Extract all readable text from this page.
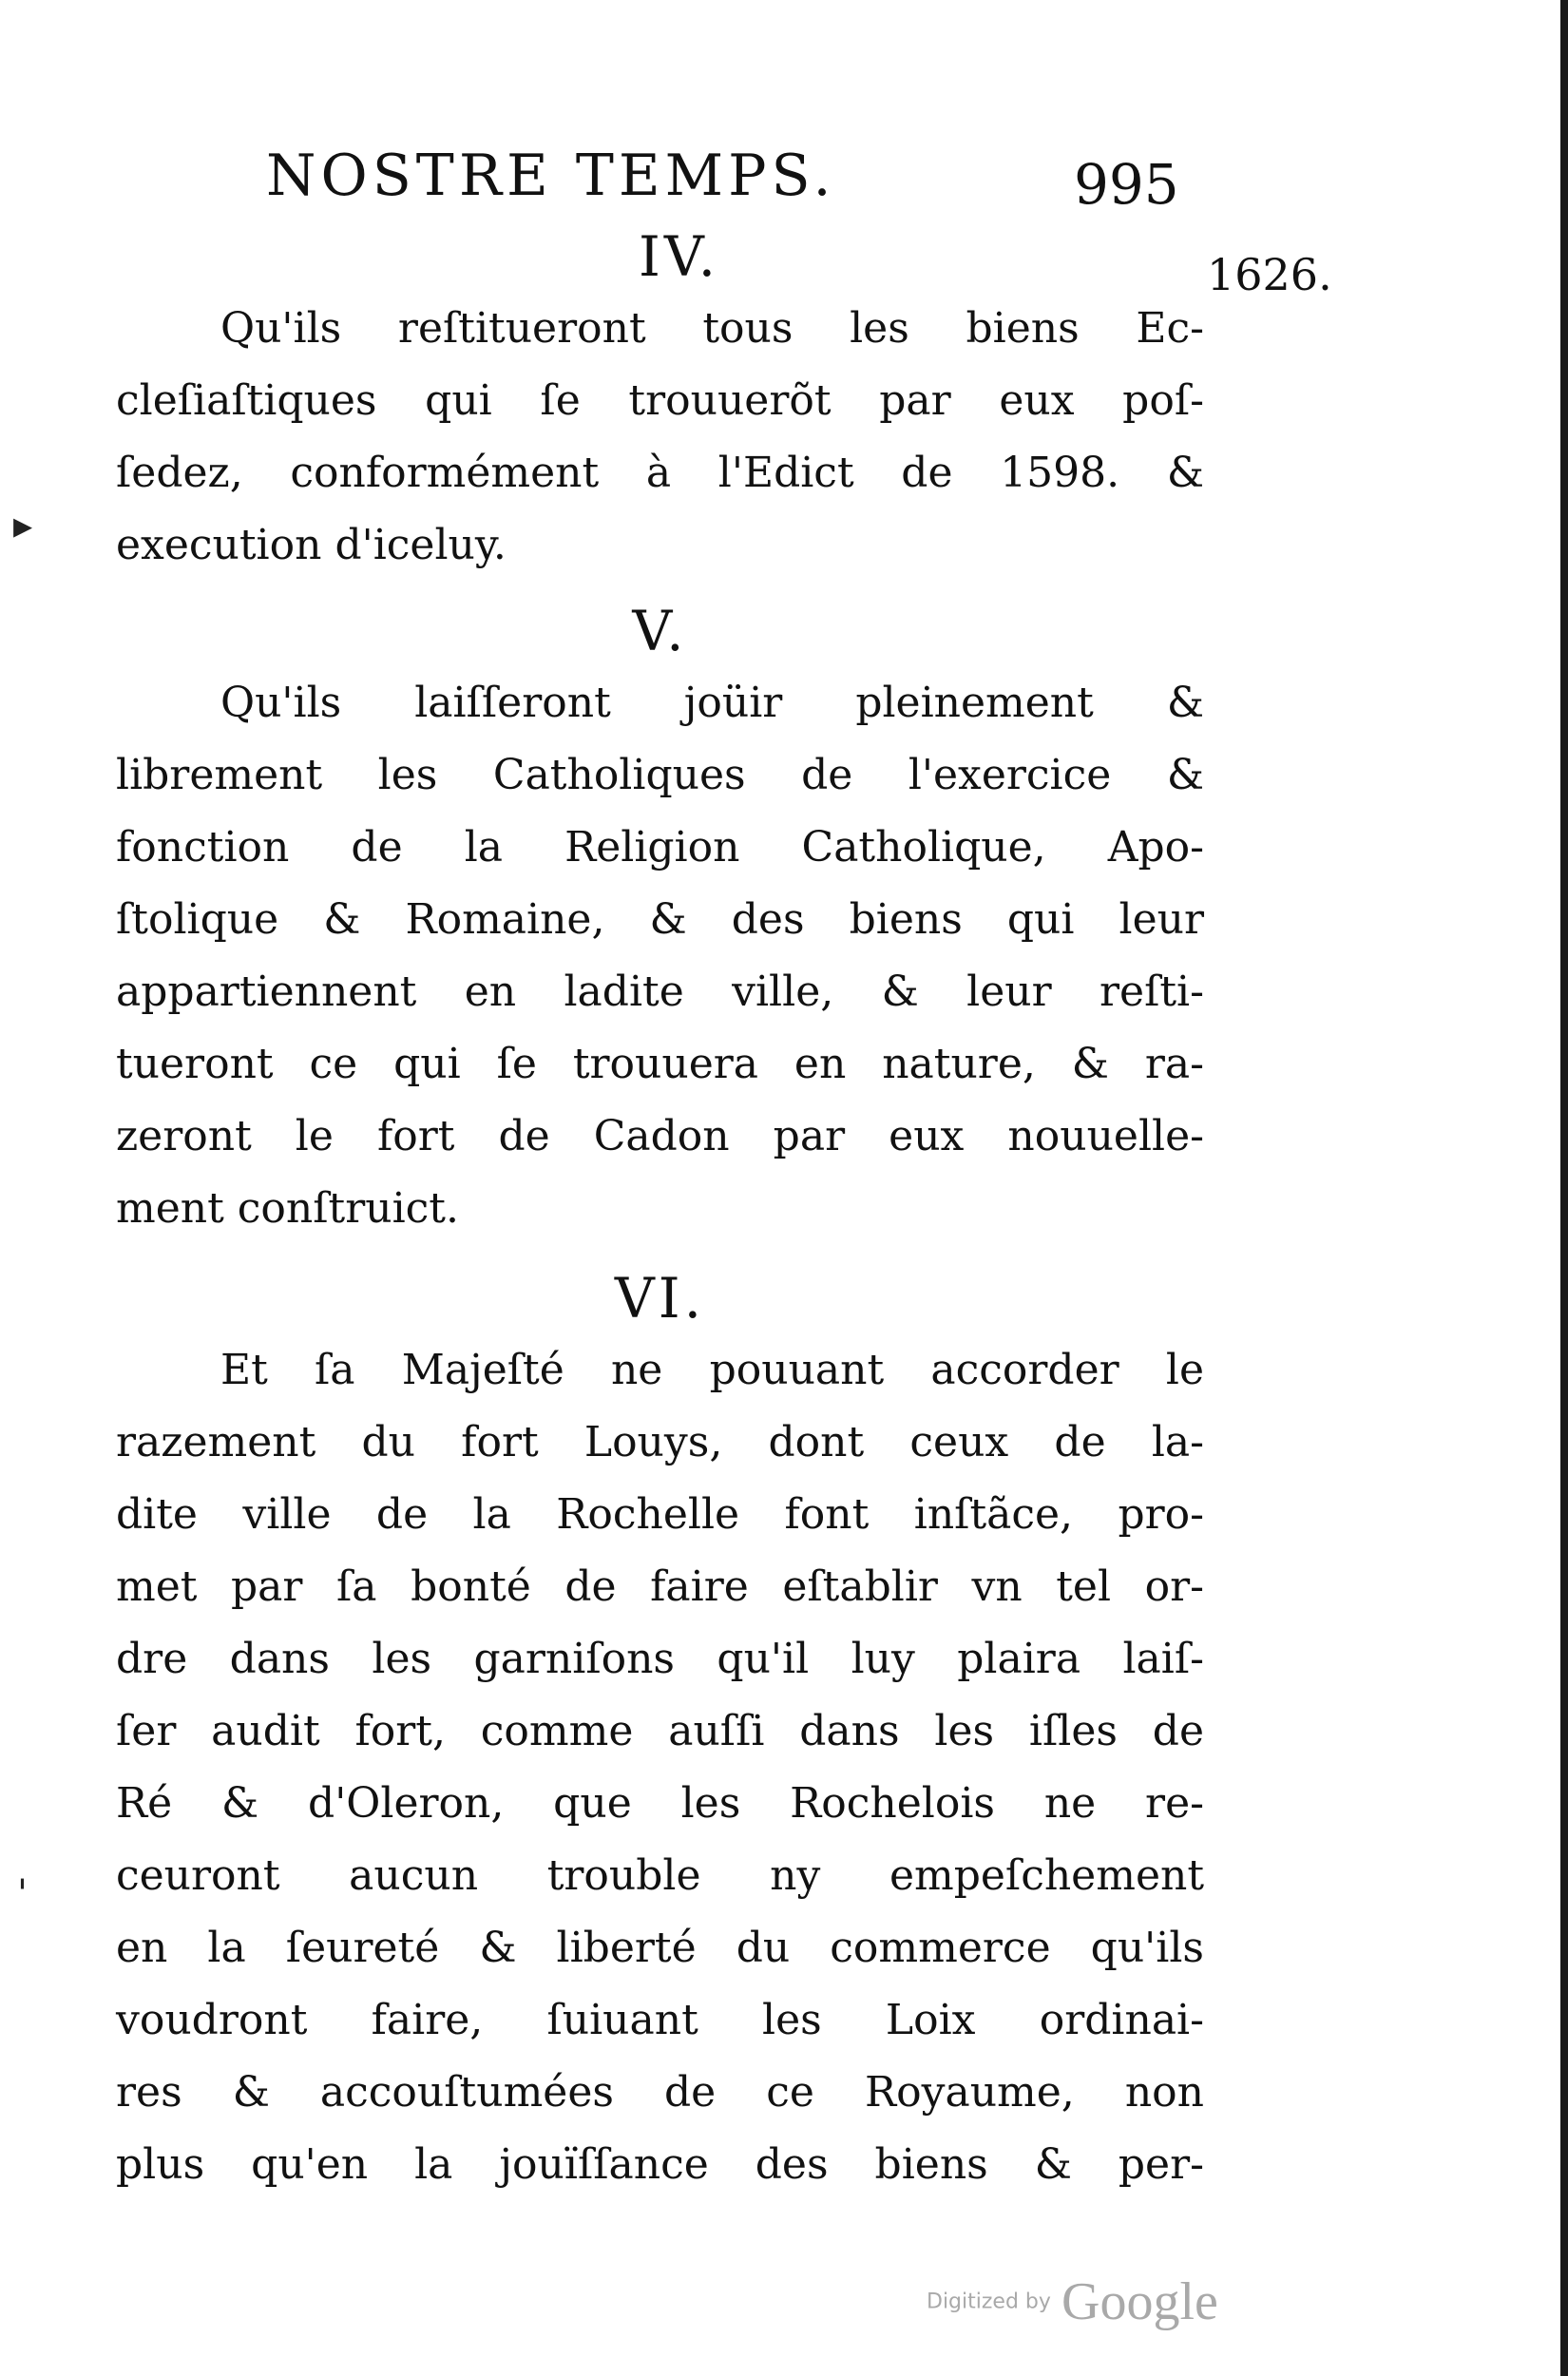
NOSTRE TEMPS.	995
1626.
▸
'
IV.
Qu'ils reſtitueront tous les biens Ec-
cleſiaſtiques qui ſe trouuerõt par eux poſ-
ſedez, conformément à l'Edict de 1598. &
execution d'iceluy.
V.
Qu'ils laiſſeront joüir pleinement &
librement les Catholiques de l'exercice &
fonction de la Religion Catholique, Apo-
ſtolique & Romaine, & des biens qui leur
appartiennent en ladite ville, & leur reſti-
tueront ce qui ſe trouuera en nature, & ra-
zeront le fort de Cadon par eux nouuelle-
ment conſtruict.
VI.
Et ſa Majeſté ne pouuant accorder le
razement du fort Louys, dont ceux de la-
dite ville de la Rochelle font inſtãce, pro-
met par ſa bonté de faire eſtablir vn tel or-
dre dans les garniſons qu'il luy plaira laiſ-
ſer audit fort, comme auſſi dans les iſles de
Ré & d'Oleron, que les Rochelois ne re-
ceuront aucun trouble ny empeſchement
en la ſeureté & liberté du commerce qu'ils
voudront faire, ſuiuant les Loix ordinai-
res & accouſtumées de ce Royaume, non
plus qu'en la jouïſſance des biens & per-
Digitized by Google
